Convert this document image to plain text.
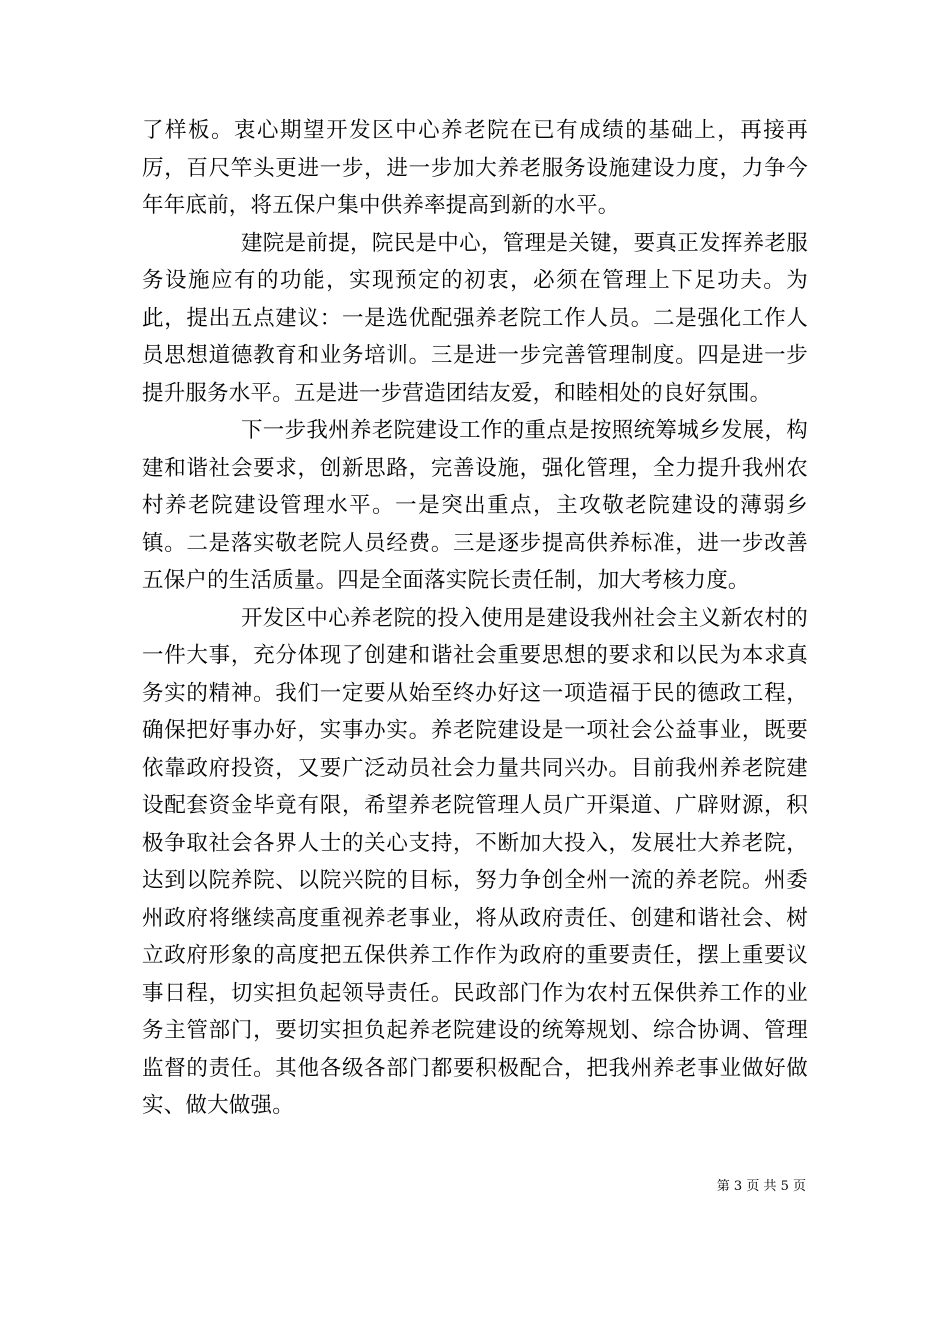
了样板。衷心期望开发区中心养老院在已有成绩的基础上，再接再厉，百尺竿头更进一步，进一步加大养老服务设施建设力度，力争今年年底前，将五保户集中供养率提高到新的水平。

建院是前提，院民是中心，管理是关键，要真正发挥养老服务设施应有的功能，实现预定的初衷，必须在管理上下足功夫。为此，提出五点建议：一是选优配强养老院工作人员。二是强化工作人员思想道德教育和业务培训。三是进一步完善管理制度。四是进一步提升服务水平。五是进一步营造团结友爱，和睦相处的良好氛围。

下一步我州养老院建设工作的重点是按照统筹城乡发展，构建和谐社会要求，创新思路，完善设施，强化管理，全力提升我州农村养老院建设管理水平。一是突出重点，主攻敬老院建设的薄弱乡镇。二是落实敬老院人员经费。三是逐步提高供养标准，进一步改善五保户的生活质量。四是全面落实院长责任制，加大考核力度。

开发区中心养老院的投入使用是建设我州社会主义新农村的一件大事，充分体现了创建和谐社会重要思想的要求和以民为本求真务实的精神。我们一定要从始至终办好这一项造福于民的德政工程，确保把好事办好，实事办实。养老院建设是一项社会公益事业，既要依靠政府投资，又要广泛动员社会力量共同兴办。目前我州养老院建设配套资金毕竟有限，希望养老院管理人员广开渠道、广辟财源，积极争取社会各界人士的关心支持，不断加大投入，发展壮大养老院，达到以院养院、以院兴院的目标，努力争创全州一流的养老院。州委州政府将继续高度重视养老事业，将从政府责任、创建和谐社会、树立政府形象的高度把五保供养工作作为政府的重要责任，摆上重要议事日程，切实担负起领导责任。民政部门作为农村五保供养工作的业务主管部门，要切实担负起养老院建设的统筹规划、综合协调、管理监督的责任。其他各级各部门都要积极配合，把我州养老事业做好做实、做大做强。

第 3 页 共 5 页
